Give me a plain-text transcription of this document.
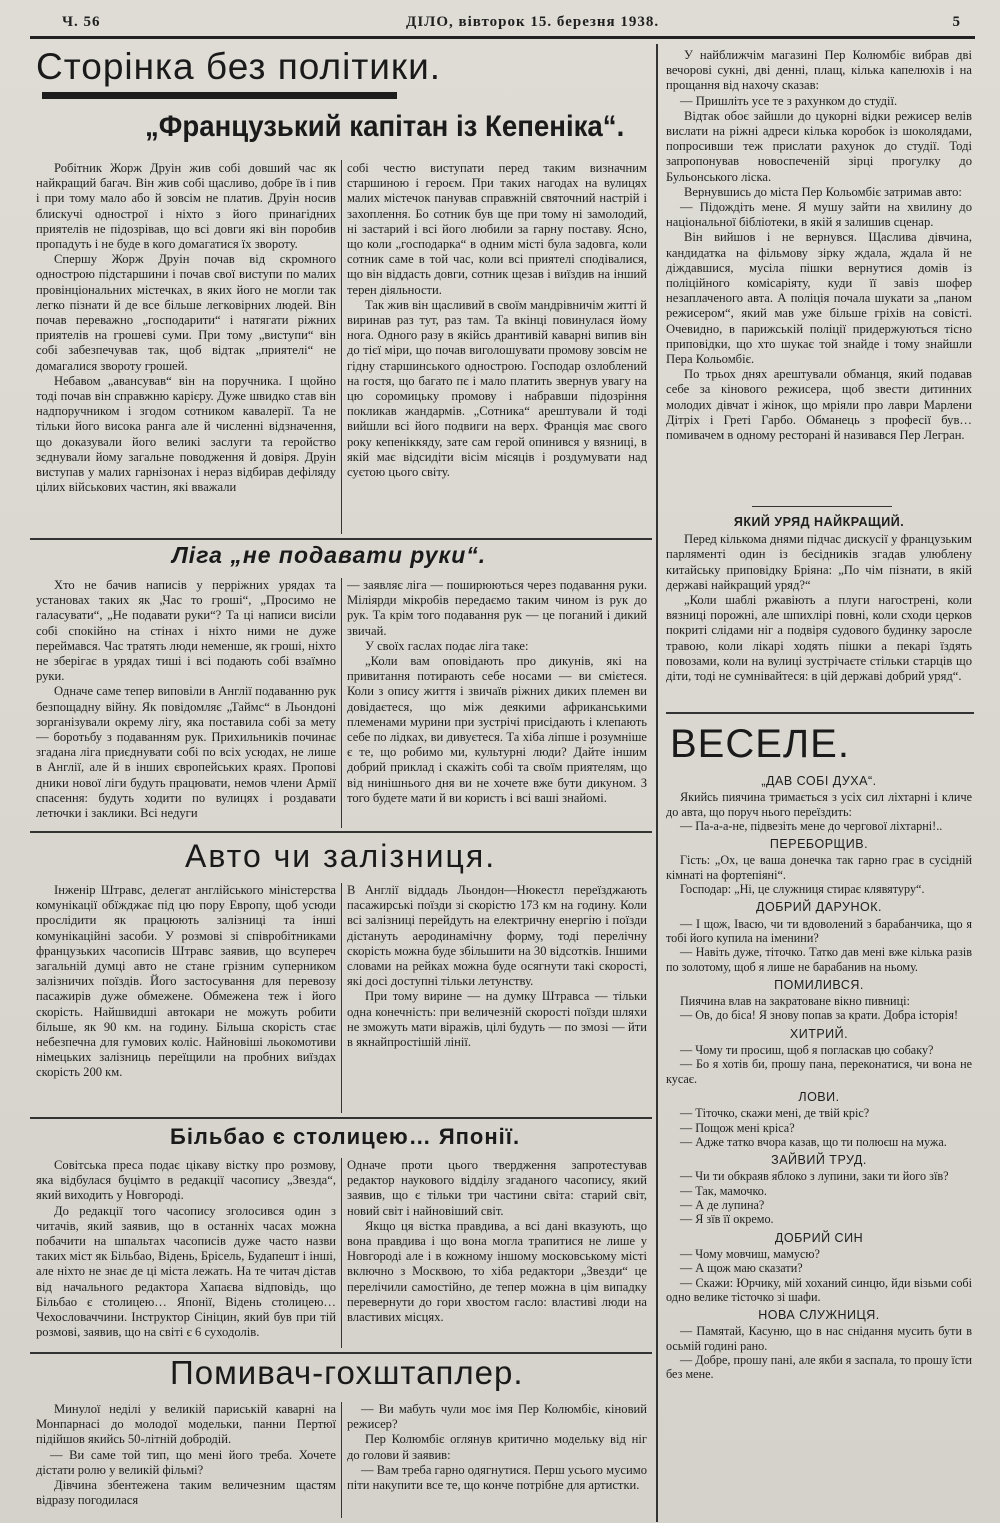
Ч. 56	ДІЛО, вівторок 15. березня 1938.	5
Сторінка без політики.
„Французький капітан із Кепеніка“.

Робітник Жорж Друін жив собі довший час як найкращий багач. Він жив собі щасливо, добре їв і пив і при тому мало або й зовсім не платив. Друін носив блискучі однострої і ніхто з його принагідних приятелів не підозрівав, що всі довги які він поробив пропадуть і не буде в кого домагатися їх звороту.

Спершу Жорж Друін почав від скромного однострою підстаршини і почав свої виступи по малих провінціональних містечках, в яких його не могли так легко пізнати й де все більше легковірних людей. Він почав переважно „господарити“ і натягати ріжних приятелів на грошеві суми. При тому „виступи“ він собі забезпечував так, щоб відтак „приятелі“ не домагалися звороту грошей.

Небавом „авансував“ він на поручника. І щойно тоді почав він справжню карієру. Дуже швидко став він надпоручником і згодом сотником кавалерії. Та не тільки його висока ранга але й численні відзначення, що доказували його великі заслуги та геройство зєднували йому загальне поводження й довіря. Друін виступав у малих гарнізонах і нераз відбирав дефіляду цілих військових частин, які вважали

собі честю виступати перед таким визначним старшиною і героєм. При таких нагодах на вулицях малих містечок панував справжній святочний настрій і захоплення. Бо сотник був ще при тому ні замолодий, ні застарий і всі його любили за гарну поставу. Ясно, що коли „господарка“ в одним місті була задовга, коли сотник саме в той час, коли всі приятелі сподівалися, що він віддасть довги, сотник щезав і виїздив на інший терен діяльности.

Так жив він щасливий в своїм мандрівничім житті й виринав раз тут, раз там. Та вкінці повинулася йому нога. Одного разу в якійсь дрантивій каварні випив він до тієї міри, що почав виголошувати промову зовсім не гідну старшинського однострою. Господар озлоблений на гостя, що багато пє і мало платить звернув увагу на цю соромицьку промову і набравши підозріння покликав жандармів. „Сотника“ арештували й тоді вийшли всі його подвиги на верх. Франція має свого року кепеніккяду, зате сам герой опинився у вязниці, в якій має відсидіти вісім місяців і роздумувати над суєтою цього світу.

Ліга „не подавати руки“.

Хто не бачив написів у перріжних урядах та установах таких як „Час то гроші“, „Просимо не галасувати“, „Не подавати руки“? Та ці написи висіли собі спокійно на стінах і ніхто ними не дуже переймався. Час тратять люди неменше, як гроші, ніхто не зберігає в урядах тиші і всі подають собі взаїмно руки.

Одначе саме тепер виповіли в Англії подаванню рук безпощадну війну. Як повідомляє „Таймс“ в Льондоні зорганізували окрему лігу, яка поставила собі за мету — боротьбу з подаванням рук. Прихильників починає згадана ліга приєднувати собі по всіх усюдах, не лише в Англії, але й в інших європейських краях. Пропові дники нової ліги будуть працювати, немов члени Армії спасення: будуть ходити по вулицях і роздавати летючки і заклики. Всі недуги

— заявляє ліга — поширюються через подавання руки. Міліярди мікробів передаємо таким чином із рук до рук. Та крім того подавання рук — це поганий і дикий звичай.

У своїх гаслах подає ліга таке:

„Коли вам оповідають про дикунів, які на привитання потирають себе носами — ви смієтеся. Коли з опису життя і звичаїв ріжних диких племен ви довідаєтеся, що між деякими африканськими племенами мурини при зустрічі присідають і клепають себе по лідках, ви дивуєтеся. Та хіба ліпше і розумніше є те, що робимо ми, культурні люди? Дайте іншим добрий приклад і скажіть собі та своїм приятелям, що від нинішнього дня ви не хочете вже бути дикуном. З того будете мати й ви користь і всі ваші знайомі.

Авто чи залізниця.

Інженір Штравс, делегат англійського міністерства комунікації обїжджає під цю пору Европу, щоб усюди прослідити як працюють залізниці та інші комунікаційні засоби. У розмові зі співробітниками французьких часописів Штравс заявив, що всупереч загальній думці авто не стане грізним суперником залізничих поїздів. Його застосування для перевозу пасажирів дуже обмежене. Обмежена теж і його скорість. Найшвидші автокари не можуть робити більше, як 90 км. на годину. Більша скорість стає небезпечна для гумових коліс. Найновіші льокомотиви німецьких залізниць переїщили на пробних виїздах скорість 200 км.

В Англії віддадь Льондон—Нюкестл переїзджають пасажирські поїзди зі скорістю 173 км на годину. Коли всі залізниці перейдуть на електричну енергію і поїзди дістануть аеродинамічну форму, тоді перелічну скорість можна буде збільшити на 30 відсотків. Іншими словами на рейках можна буде осягнути такі скорості, які досі доступні тільки летунству.

При тому вирине — на думку Штравса — тільки одна конечність: при величезній скорості поїзди шляхи не зможуть мати віражів, цілі будуть — по змозі — йти в якнайпростішій лінії.

Більбао є столицею… Японії.

Совітська преса подає цікаву вістку про розмову, яка відбулася буцімто в редакції часопису „Звезда“, який виходить у Новгороді.

До редакції того часопису зголосився один з читачів, який заявив, що в останніх часах можна побачити на шпальтах часописів дуже часто назви таких міст як Більбао, Відень, Брісель, Будапешт і інші, але ніхто не знає де ці міста лежать. На те читач дістав від начального редактора Хапаєва відповідь, що Більбао є столицею… Японії, Відень столицею… Чехословаччини. Інструктор Сініцин, який був при тій розмові, заявив, що на світі є 6 суходолів.

Одначе проти цього твердження запротестував редактор наукового відділу згаданого часопису, який заявив, що є тільки три частини світа: старий світ, новий світ і найновіший світ.

Якщо ця вістка правдива, а всі дані вказують, що вона правдива і що вона могла трапитися не лише у Новгороді але і в кожному іншому московському місті включно з Москвою, то хіба редактори „Звезди“ це перелічили самостійно, де тепер можна в цім випадку перевернути до гори хвостом гасло: властиві люди на властивих місцях.

Помивач-гохштаплер.

Минулої неділі у великій париській каварні на Монпарнасі до молодої модельки, панни Пертюї підійшов якийсь 50-літній добродій.

— Ви саме той тип, що мені його треба. Хочете дістати ролю у великій фільмі?

Дівчина збентежена таким величезним щастям відразу погодилася

— Ви мабуть чули моє імя Пер Колюмбіє, кіновий режисер?

Пер Колюмбіє оглянув критично модельку від ніг до голови й заявив:

— Вам треба гарно одягнутися. Перш усього мусимо піти накупити все те, що конче потрібне для артистки.

У найближчім магазині Пер Колюмбіє вибрав дві вечорові сукні, дві денні, плащ, кілька капелюхів і на прощання від нахочу сказав:

— Пришліть усе те з рахунком до студії.

Відтак обоє зайшли до цукорні відки режисер велів вислати на ріжні адреси кілька коробок із шоколядами, попросивши теж прислати рахунок до студії. Тоді запропонував новоспеченій зірці прогулку до Бульонського ліска.

Вернувшись до міста Пер Кольомбіє затримав авто:

— Підождіть мене. Я мушу зайти на хвилину до національної бібліотеки, в якій я залишив сценар.

Він вийшов і не вернувся. Щаслива дівчина, кандидатка на фільмову зірку ждала, ждала й не діждавшися, мусіла пішки вернутися домів із поліційного комісаріяту, куди її завіз шофер незаплаченого авта. А поліція почала шукати за „паном режисером“, який мав уже більше гріхів на совісті. Очевидно, в парижській поліції придержуються тісно приповідки, що хто шукає той знайде і тому знайшли Пера Кольомбіє.

По трьох днях арештували обманця, який подавав себе за кінового режисера, щоб звести дитинних молодих дівчат і жінок, що мріяли про лаври Марлени Дітріх і Греті Гарбо. Обманець з професії був… помивачем в одному ресторані й називався Пер Легран.

ЯКИЙ УРЯД НАЙКРАЩИЙ.

Перед кількома днями підчас дискусії у французьким парляменті один із бесідників згадав улюблену китайську приповідку Бріяна: „По чім пізнати, в якій державі найкращий уряд?“

„Коли шаблі ржавіють а плуги нагострені, коли вязниці порожні, але шпихлірі повні, коли сходи церков покриті слідами ніг а подвіря судового будинку заросле травою, коли лікарі ходять пішки а пекарі їздять повозами, коли на вулиці зустрічаєте стільки старців що діти, тоді не сумнівайтеся: в цій державі добрий уряд“.

ВЕСЕЛЕ.
„ДАВ СОБІ ДУХА“.

Якийсь пиячина тримається з усіх сил ліхтарні і кличе до авта, що поруч нього переїздить:

— Па-а-а-не, підвезіть мене до чергової ліхтарні!..

ПЕРЕБОРЩИВ.

Гість: „Ох, це ваша донечка так гарно грає в сусідній кімнаті на фортепіяні“.

Господар: „Ні, це служниця стирає клявятуру“.

ДОБРИЙ ДАРУНОК.

— І щож, Івасю, чи ти вдоволений з барабанчика, що я тобі його купила на іменини?

— Навіть дуже, тіточко. Татко дав мені вже кілька разів по золотому, щоб я лише не барабанив на ньому.

ПОМИЛИВСЯ.

Пиячина влав на закратоване вікно пивниці:

— Ов, до біса! Я знову попав за крати. Добра історія!

ХИТРИЙ.

— Чому ти просиш, щоб я погласкав цю собаку?

— Бо я хотів би, прошу пана, переконатися, чи вона не кусає.

ЛОВИ.

— Тіточко, скажи мені, де твій кріс?

— Пощож мені кріса?

— Адже татко вчора казав, що ти полюєш на мужа.

ЗАЙВИЙ ТРУД.

— Чи ти обкраяв яблоко з лупини, заки ти його зїв?

— Так, мамочко.

— А де лупина?

— Я зїв її окремо.

ДОБРИЙ СИН

— Чому мовчиш, мамусю?

— А щож маю сказати?

— Скажи: Юрчику, мій хоханий синцю, йди візьми собі одно велике тісточко зі шафи.

НОВА СЛУЖНИЦЯ.

— Памятай, Касуню, що в нас снідання мусить бути в осьмій годині рано.

— Добре, прошу пані, але якби я заспала, то прошу їсти без мене.
